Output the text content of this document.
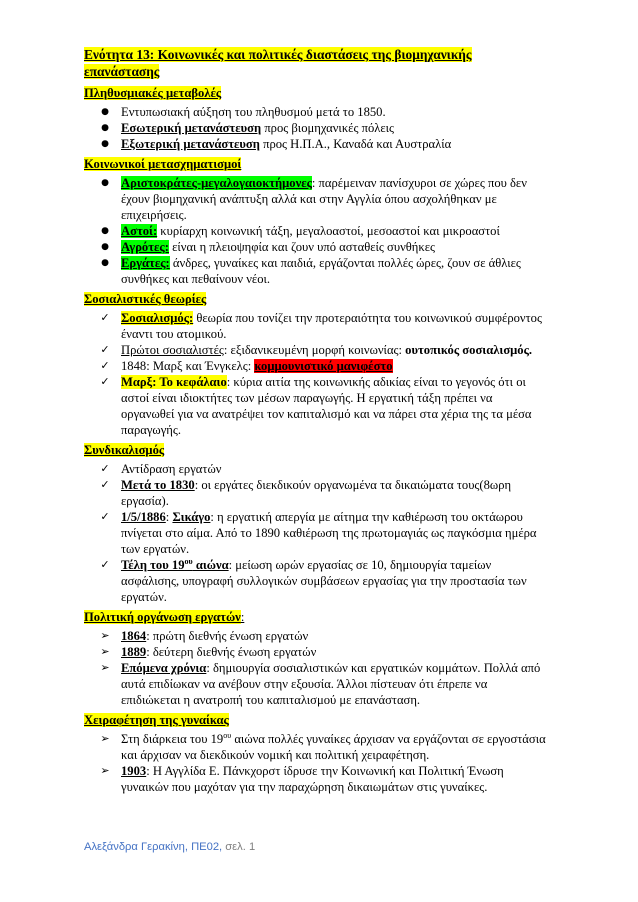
Ενότητα 13: Κοινωνικές και πολιτικές διαστάσεις της βιομηχανικής επανάστασης
Πληθυσμιακές μεταβολές
● Εντυπωσιακή αύξηση του πληθυσμού μετά το 1850.
● Εσωτερική μετανάστευση προς βιομηχανικές πόλεις
● Εξωτερική μετανάστευση προς Η.Π.Α., Καναδά και Αυστραλία
Κοινωνικοί μετασχηματισμοί
● Αριστοκράτες-μεγαλογαιοκτήμονες: παρέμειναν πανίσχυροι σε χώρες που δεν έχουν βιομηχανική ανάπτυξη αλλά και στην Αγγλία όπου ασχολήθηκαν με επιχειρήσεις.
● Αστοί: κυρίαρχη κοινωνική τάξη, μεγαλοαστοί, μεσοαστοί και μικροαστοί
● Αγρότες: είναι η πλειοψηφία και ζουν υπό ασταθείς συνθήκες
● Εργάτες: άνδρες, γυναίκες και παιδιά, εργάζονται πολλές ώρες, ζουν σε άθλιες συνθήκες και πεθαίνουν νέοι.
Σοσιαλιστικές θεωρίες
✓ Σοσιαλισμός: θεωρία που τονίζει την προτεραιότητα του κοινωνικού συμφέροντος έναντι του ατομικού.
✓ Πρώτοι σοσιαλιστές: εξιδανικευμένη μορφή κοινωνίας: ουτοπικός σοσιαλισμός.
✓ 1848: Μαρξ και Ένγκελς: κομμουνιστικό μανιφέστο
✓ Μαρξ: Το κεφάλαιο: κύρια αιτία της κοινωνικής αδικίας είναι το γεγονός ότι οι αστοί είναι ιδιοκτήτες των μέσων παραγωγής. Η εργατική τάξη πρέπει να οργανωθεί για να ανατρέψει τον καπιταλισμό και να πάρει στα χέρια της τα μέσα παραγωγής.
Συνδικαλισμός
✓ Αντίδραση εργατών
✓ Μετά το 1830: οι εργάτες διεκδικούν οργανωμένα τα δικαιώματα τους(8ωρη εργασία).
✓ 1/5/1886: Σικάγο: η εργατική απεργία με αίτημα την καθιέρωση του οκτάωρου πνίγεται στο αίμα. Από το 1890 καθιέρωση της πρωτομαγιάς ως παγκόσμια ημέρα των εργατών.
✓ Τέλη του $19^{o\upsilon}$ αιώνα: μείωση ωρών εργασίας σε 10, δημιουργία ταμείων ασφάλισης, υπογραφή συλλογικών συμβάσεων εργασίας για την προστασία των εργατών.
Πολιτική οργάνωση εργατών:
➢ 1864: πρώτη διεθνής ένωση εργατών
➢ 1889: δεύτερη διεθνής ένωση εργατών
➢ Επόμενα χρόνια: δημιουργία σοσιαλιστικών και εργατικών κομμάτων. Πολλά από αυτά επιδίωκαν να ανέβουν στην εξουσία. Άλλοι πίστευαν ότι έπρεπε να επιδιώκεται η ανατροπή του καπιταλισμού με επανάσταση.
Χειραφέτηση της γυναίκας
➢ Στη διάρκεια του $19^{o\upsilon}$ αιώνα πολλές γυναίκες άρχισαν να εργάζονται σε εργοστάσια και άρχισαν να διεκδικούν νομική και πολιτική χειραφέτηση.
➢ 1903: Η Αγγλίδα Ε. Πάνκχορστ ίδρυσε την Κοινωνική και Πολιτική Ένωση γυναικών που μαχόταν για την παραχώρηση δικαιωμάτων στις γυναίκες.
Αλεξάνδρα Γερακίνη, ΠΕ02, σελ. 1
